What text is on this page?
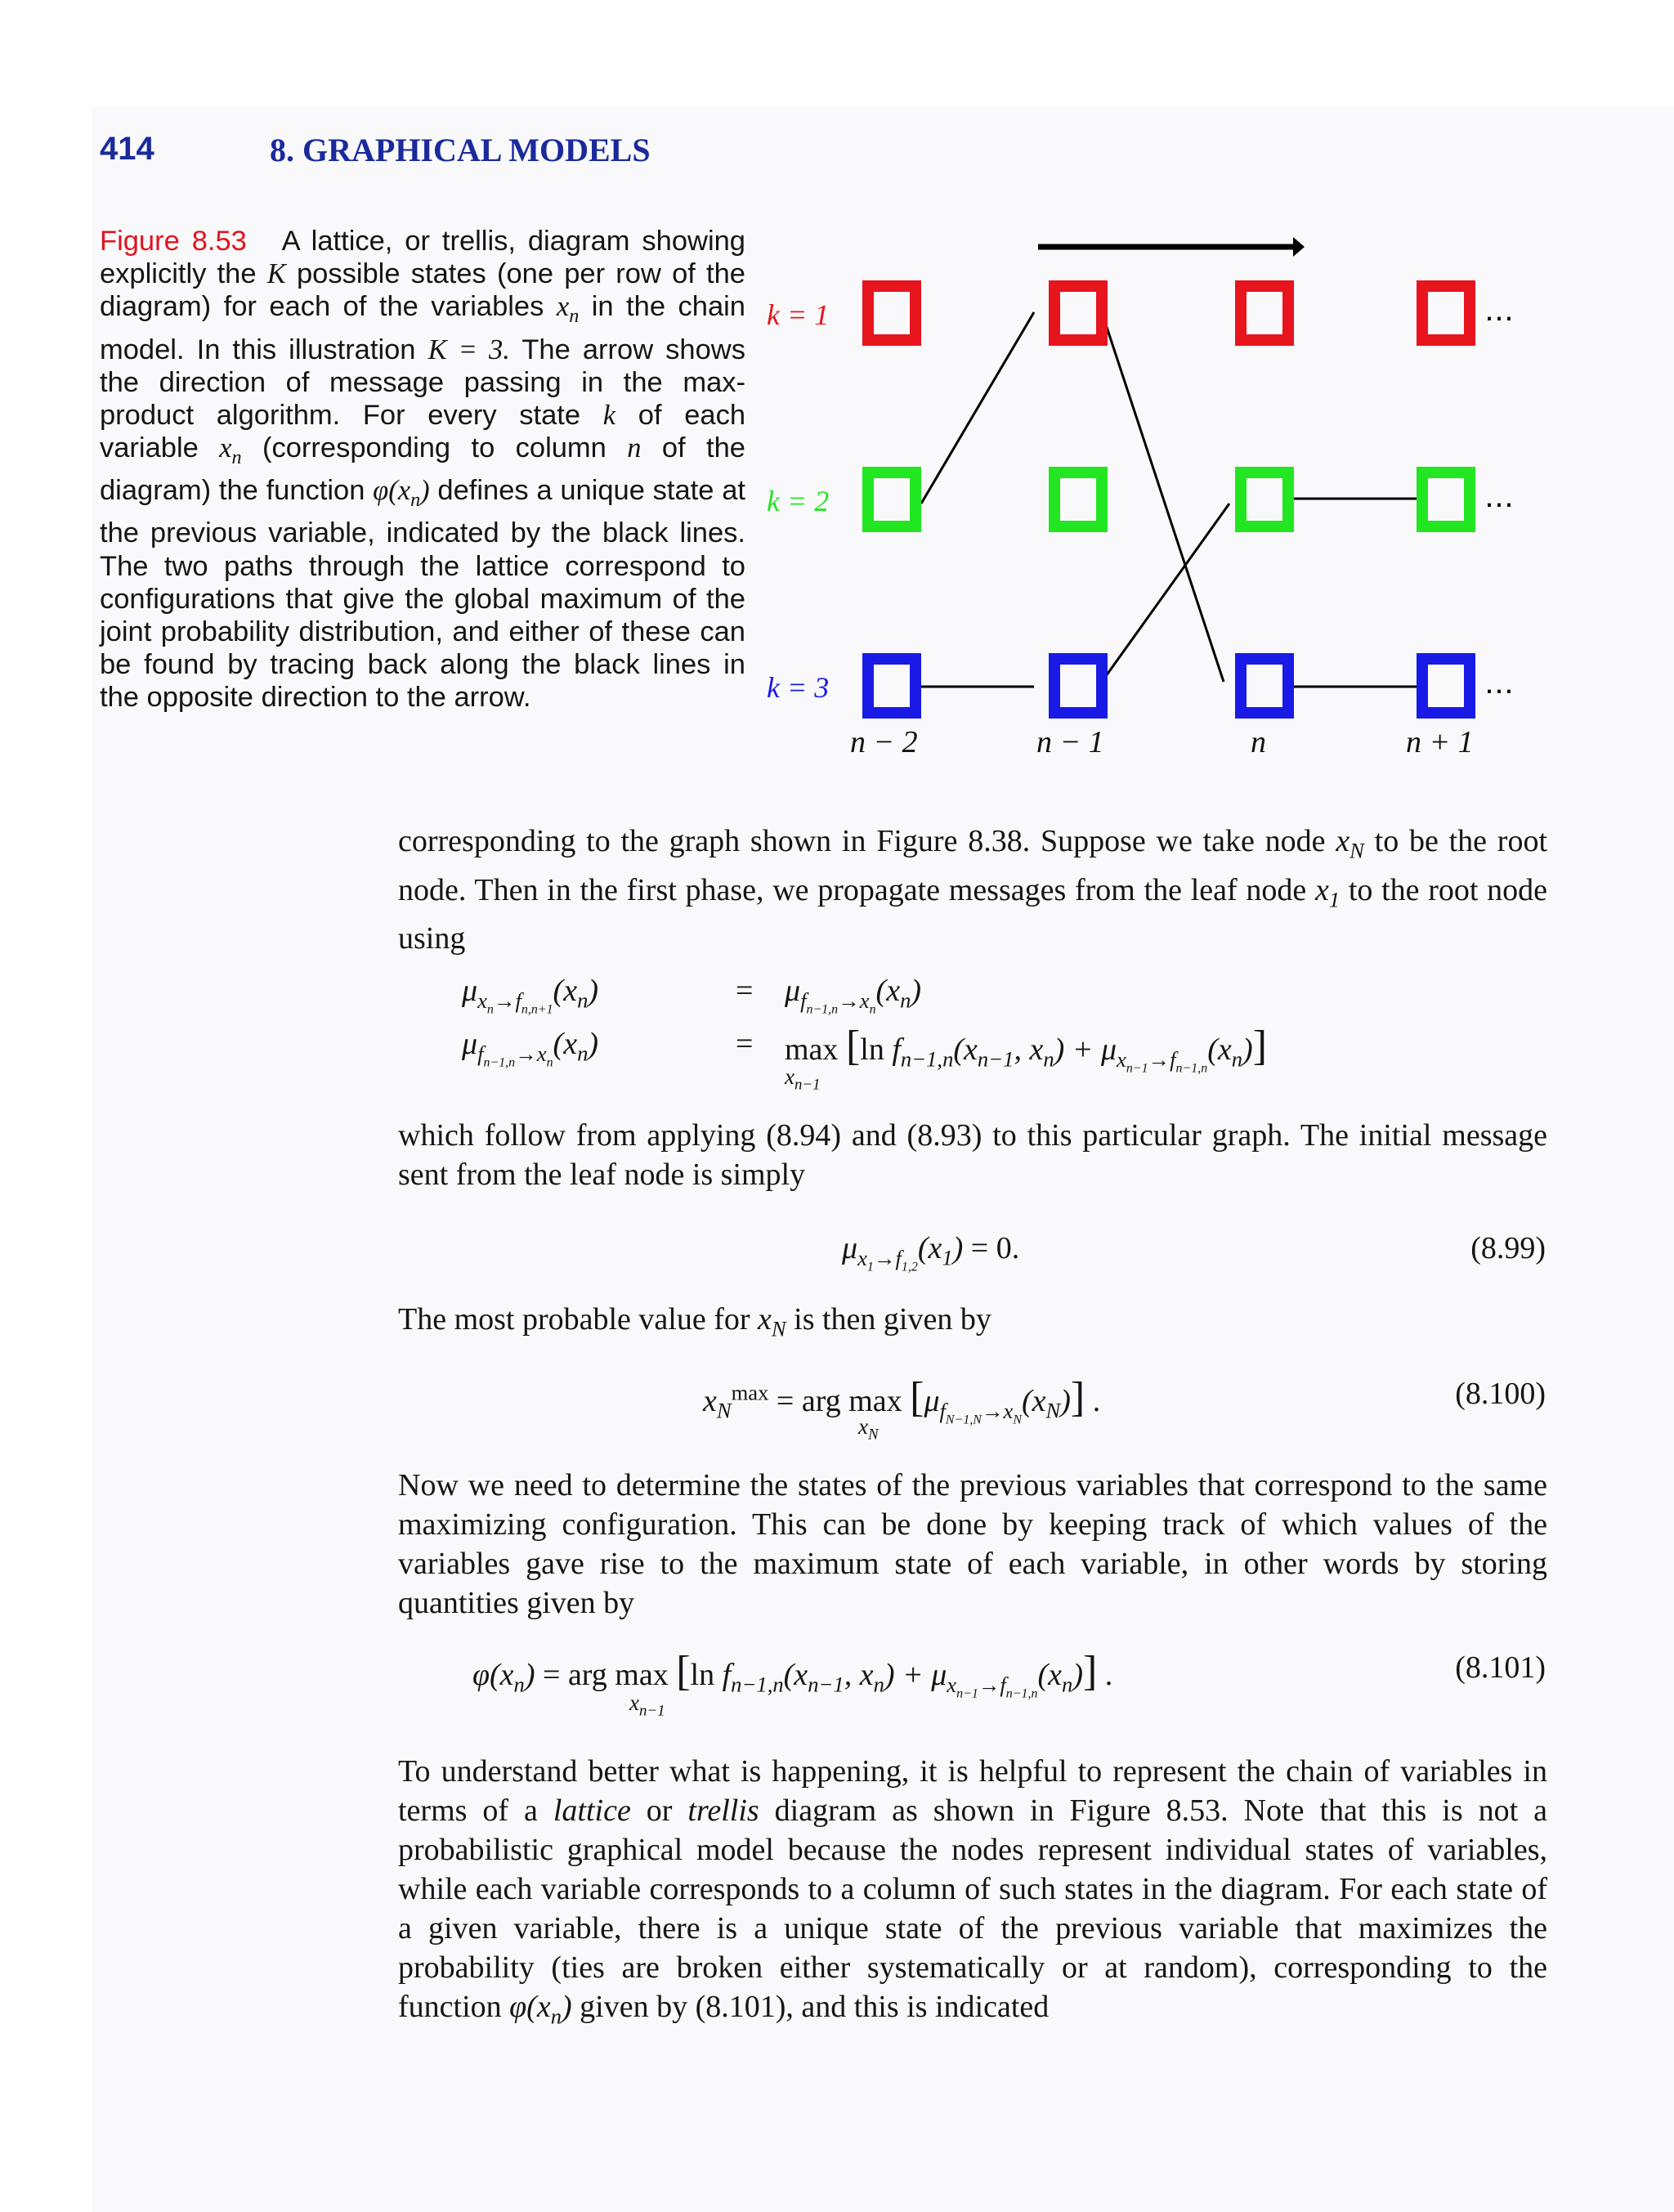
414	8. GRAPHICAL MODELS
Figure 8.53 A lattice, or trellis, diagram showing explicitly the K possible states (one per row of the diagram) for each of the variables $x_n$ in the chain model. In this illustration K = 3. The arrow shows the direction of message passing in the max-product algorithm. For every state k of each variable $x_n$ (corresponding to column n of the diagram) the function $\varphi(x_n)$ defines a unique state at the previous variable, indicated by the black lines. The two paths through the lattice correspond to configurations that give the global maximum of the joint probability distribution, and either of these can be found by tracing back along the black lines in the opposite direction to the arrow.
k = 1
k = 2
k = 3
…
…
…
n − 2	n − 1	n	n + 1
corresponding to the graph shown in Figure 8.38. Suppose we take node $x_N$ to be the root node. Then in the first phase, we propagate messages from the leaf node $x_1$ to the root node using
$\mu_{x_n\to f_{n,n+1}}(x_n)$	= $\mu_{f_{n-1,n}\to x_n}(x_n)$
$\mu_{f_{n-1,n}\to x_n}(x_n)$	= max [ln $f_{n-1,n}(x_{n-1}$, $x_n) + \mu_{x_{n-1}\to f_{n-1,n}}(x_n)$]
$x_{n-1}$
which follow from applying (8.94) and (8.93) to this particular graph. The initial message sent from the leaf node is simply
$\mu_{x_1\to f_{1,2}}(x_1) = 0$.	(8.99)
The most probable value for $x_N$ is then given by
$x_N^{max}$ = arg $\max [\mu_{f_{N-1,N}\to x_N}(x_N)]$ .
$x_N$
(8.100)
Now we need to determine the states of the previous variables that correspond to the same maximizing configuration. This can be done by keeping track of which values of the variables gave rise to the maximum state of each variable, in other words by storing quantities given by
$\varphi(x_n)$ = arg max [ln $f_{n-1,n}(x_{n-1}$, $x_n) + \mu_{x_{n-1}\to f_{n-1,n}}(x_n)$] .
$x_{n-1}$
(8.101)
To understand better what is happening, it is helpful to represent the chain of variables in terms of a lattice or trellis diagram as shown in Figure 8.53. Note that this is not a probabilistic graphical model because the nodes represent individual states of variables, while each variable corresponds to a column of such states in the diagram. For each state of a given variable, there is a unique state of the previous variable that maximizes the probability (ties are broken either systematically or at random), corresponding to the function $\varphi(x_n)$ given by (8.101), and this is indicated
